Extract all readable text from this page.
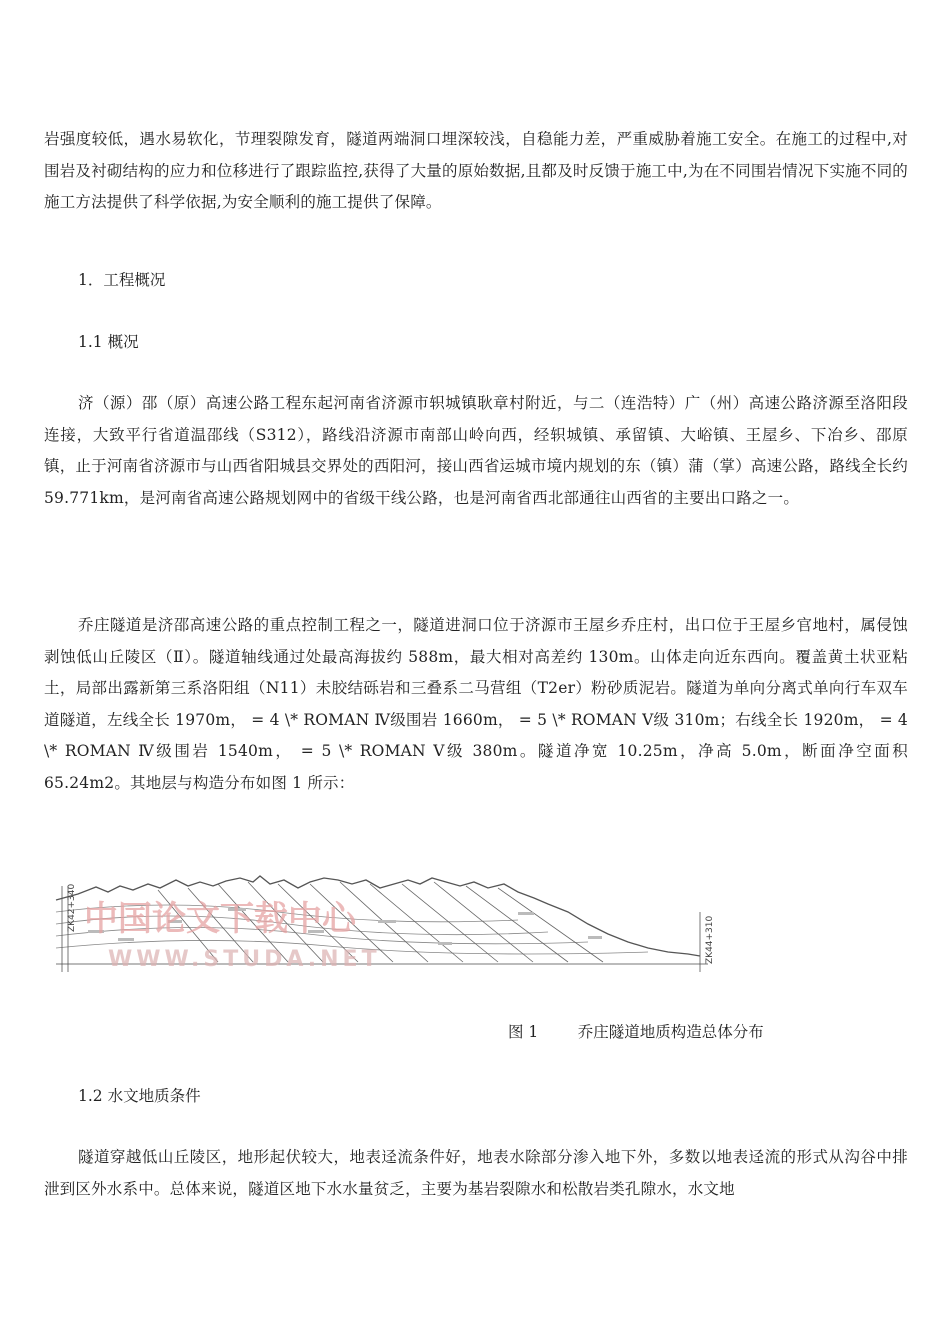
岩强度较低，遇水易软化，节理裂隙发育，隧道两端洞口埋深较浅，自稳能力差，严重威胁着施工安全。在施工的过程中,对围岩及衬砌结构的应力和位移进行了跟踪监控,获得了大量的原始数据,且都及时反馈于施工中,为在不同围岩情况下实施不同的施工方法提供了科学依据,为安全顺利的施工提供了保障。

1．工程概况

1.1 概况

济（源）邵（原）高速公路工程东起河南省济源市轵城镇耿章村附近，与二（连浩特）广（州）高速公路济源至洛阳段连接，大致平行省道温邵线（S312），路线沿济源市南部山岭向西，经轵城镇、承留镇、大峪镇、王屋乡、下冶乡、邵原镇，止于河南省济源市与山西省阳城县交界处的西阳河，接山西省运城市境内规划的东（镇）蒲（掌）高速公路，路线全长约 59.771km，是河南省高速公路规划网中的省级干线公路，也是河南省西北部通往山西省的主要出口路之一。

乔庄隧道是济邵高速公路的重点控制工程之一，隧道进洞口位于济源市王屋乡乔庄村，出口位于王屋乡官地村，属侵蚀剥蚀低山丘陵区（Ⅱ）。隧道轴线通过处最高海拔约 588m，最大相对高差约 130m。山体走向近东西向。覆盖黄土状亚粘土，局部出露新第三系洛阳组（N11）未胶结砾岩和三叠系二马营组（T2er）粉砂质泥岩。隧道为单向分离式单向行车双车道隧道，左线全长 1970m， = 4 \* ROMAN Ⅳ级围岩 1660m， = 5 \* ROMAN Ⅴ级 310m；右线全长 1920m， = 4 \* ROMAN Ⅳ级围岩 1540m， = 5 \* ROMAN Ⅴ级 380m。隧道净宽 10.25m，净高 5.0m，断面净空面积 65.24m2。其地层与构造分布如图 1 所示：

ZK42+340
ZK44+310
中国论文下载中心
WWW.STUDA.NET
图 1	乔庄隧道地质构造总体分布

1.2 水文地质条件

隧道穿越低山丘陵区，地形起伏较大，地表迳流条件好，地表水除部分渗入地下外，多数以地表迳流的形式从沟谷中排泄到区外水系中。总体来说，隧道区地下水水量贫乏，主要为基岩裂隙水和松散岩类孔隙水，水文地
